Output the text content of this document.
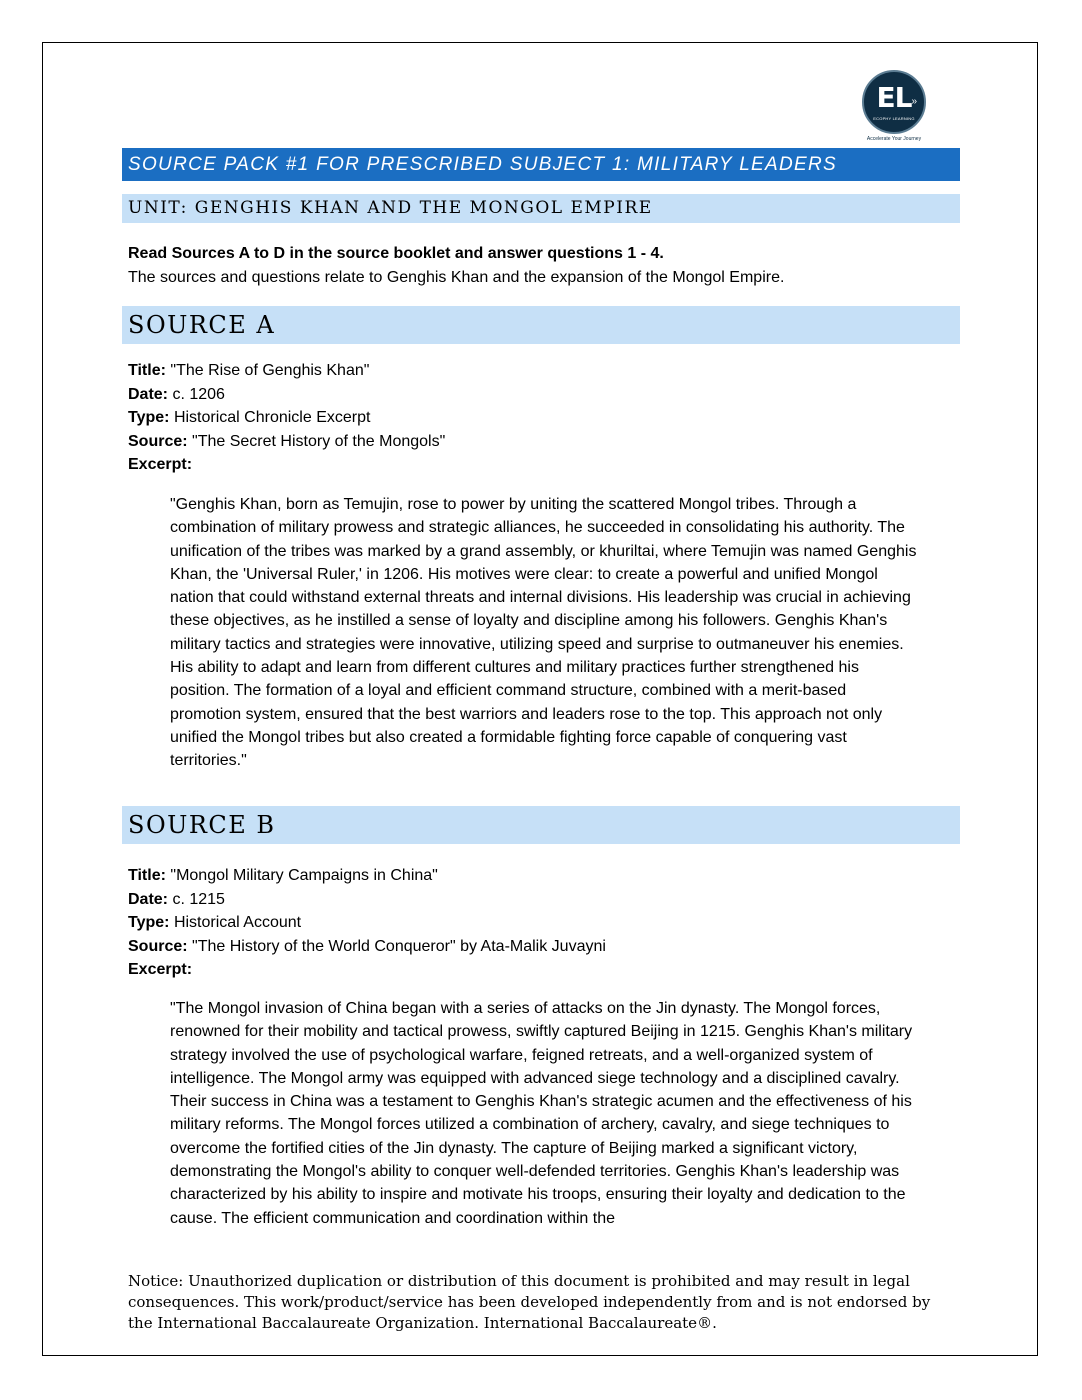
EL »
ECOPHY LEARNING
Accelerate Your Journey
SOURCE PACK #1 FOR PRESCRIBED SUBJECT 1: MILITARY LEADERS
UNIT: GENGHIS KHAN AND THE MONGOL EMPIRE
Read Sources A to D in the source booklet and answer questions 1 - 4.
The sources and questions relate to Genghis Khan and the expansion of the Mongol Empire.
SOURCE A
Title: "The Rise of Genghis Khan"
Date: c. 1206
Type: Historical Chronicle Excerpt
Source: "The Secret History of the Mongols"
Excerpt:
"Genghis Khan, born as Temujin, rose to power by uniting the scattered Mongol tribes. Through a combination of military prowess and strategic alliances, he succeeded in consolidating his authority. The unification of the tribes was marked by a grand assembly, or khuriltai, where Temujin was named Genghis Khan, the 'Universal Ruler,' in 1206. His motives were clear: to create a powerful and unified Mongol nation that could withstand external threats and internal divisions. His leadership was crucial in achieving these objectives, as he instilled a sense of loyalty and discipline among his followers. Genghis Khan's military tactics and strategies were innovative, utilizing speed and surprise to outmaneuver his enemies. His ability to adapt and learn from different cultures and military practices further strengthened his position. The formation of a loyal and efficient command structure, combined with a merit-based promotion system, ensured that the best warriors and leaders rose to the top. This approach not only unified the Mongol tribes but also created a formidable fighting force capable of conquering vast territories."
SOURCE B
Title: "Mongol Military Campaigns in China"
Date: c. 1215
Type: Historical Account
Source: "The History of the World Conqueror" by Ata-Malik Juvayni
Excerpt:
"The Mongol invasion of China began with a series of attacks on the Jin dynasty. The Mongol forces, renowned for their mobility and tactical prowess, swiftly captured Beijing in 1215. Genghis Khan's military strategy involved the use of psychological warfare, feigned retreats, and a well-organized system of intelligence. The Mongol army was equipped with advanced siege technology and a disciplined cavalry. Their success in China was a testament to Genghis Khan's strategic acumen and the effectiveness of his military reforms. The Mongol forces utilized a combination of archery, cavalry, and siege techniques to overcome the fortified cities of the Jin dynasty. The capture of Beijing marked a significant victory, demonstrating the Mongol's ability to conquer well-defended territories. Genghis Khan's leadership was characterized by his ability to inspire and motivate his troops, ensuring their loyalty and dedication to the cause. The efficient communication and coordination within the
Notice: Unauthorized duplication or distribution of this document is prohibited and may result in legal consequences. This work/product/service has been developed independently from and is not endorsed by the International Baccalaureate Organization. International Baccalaureate®.
